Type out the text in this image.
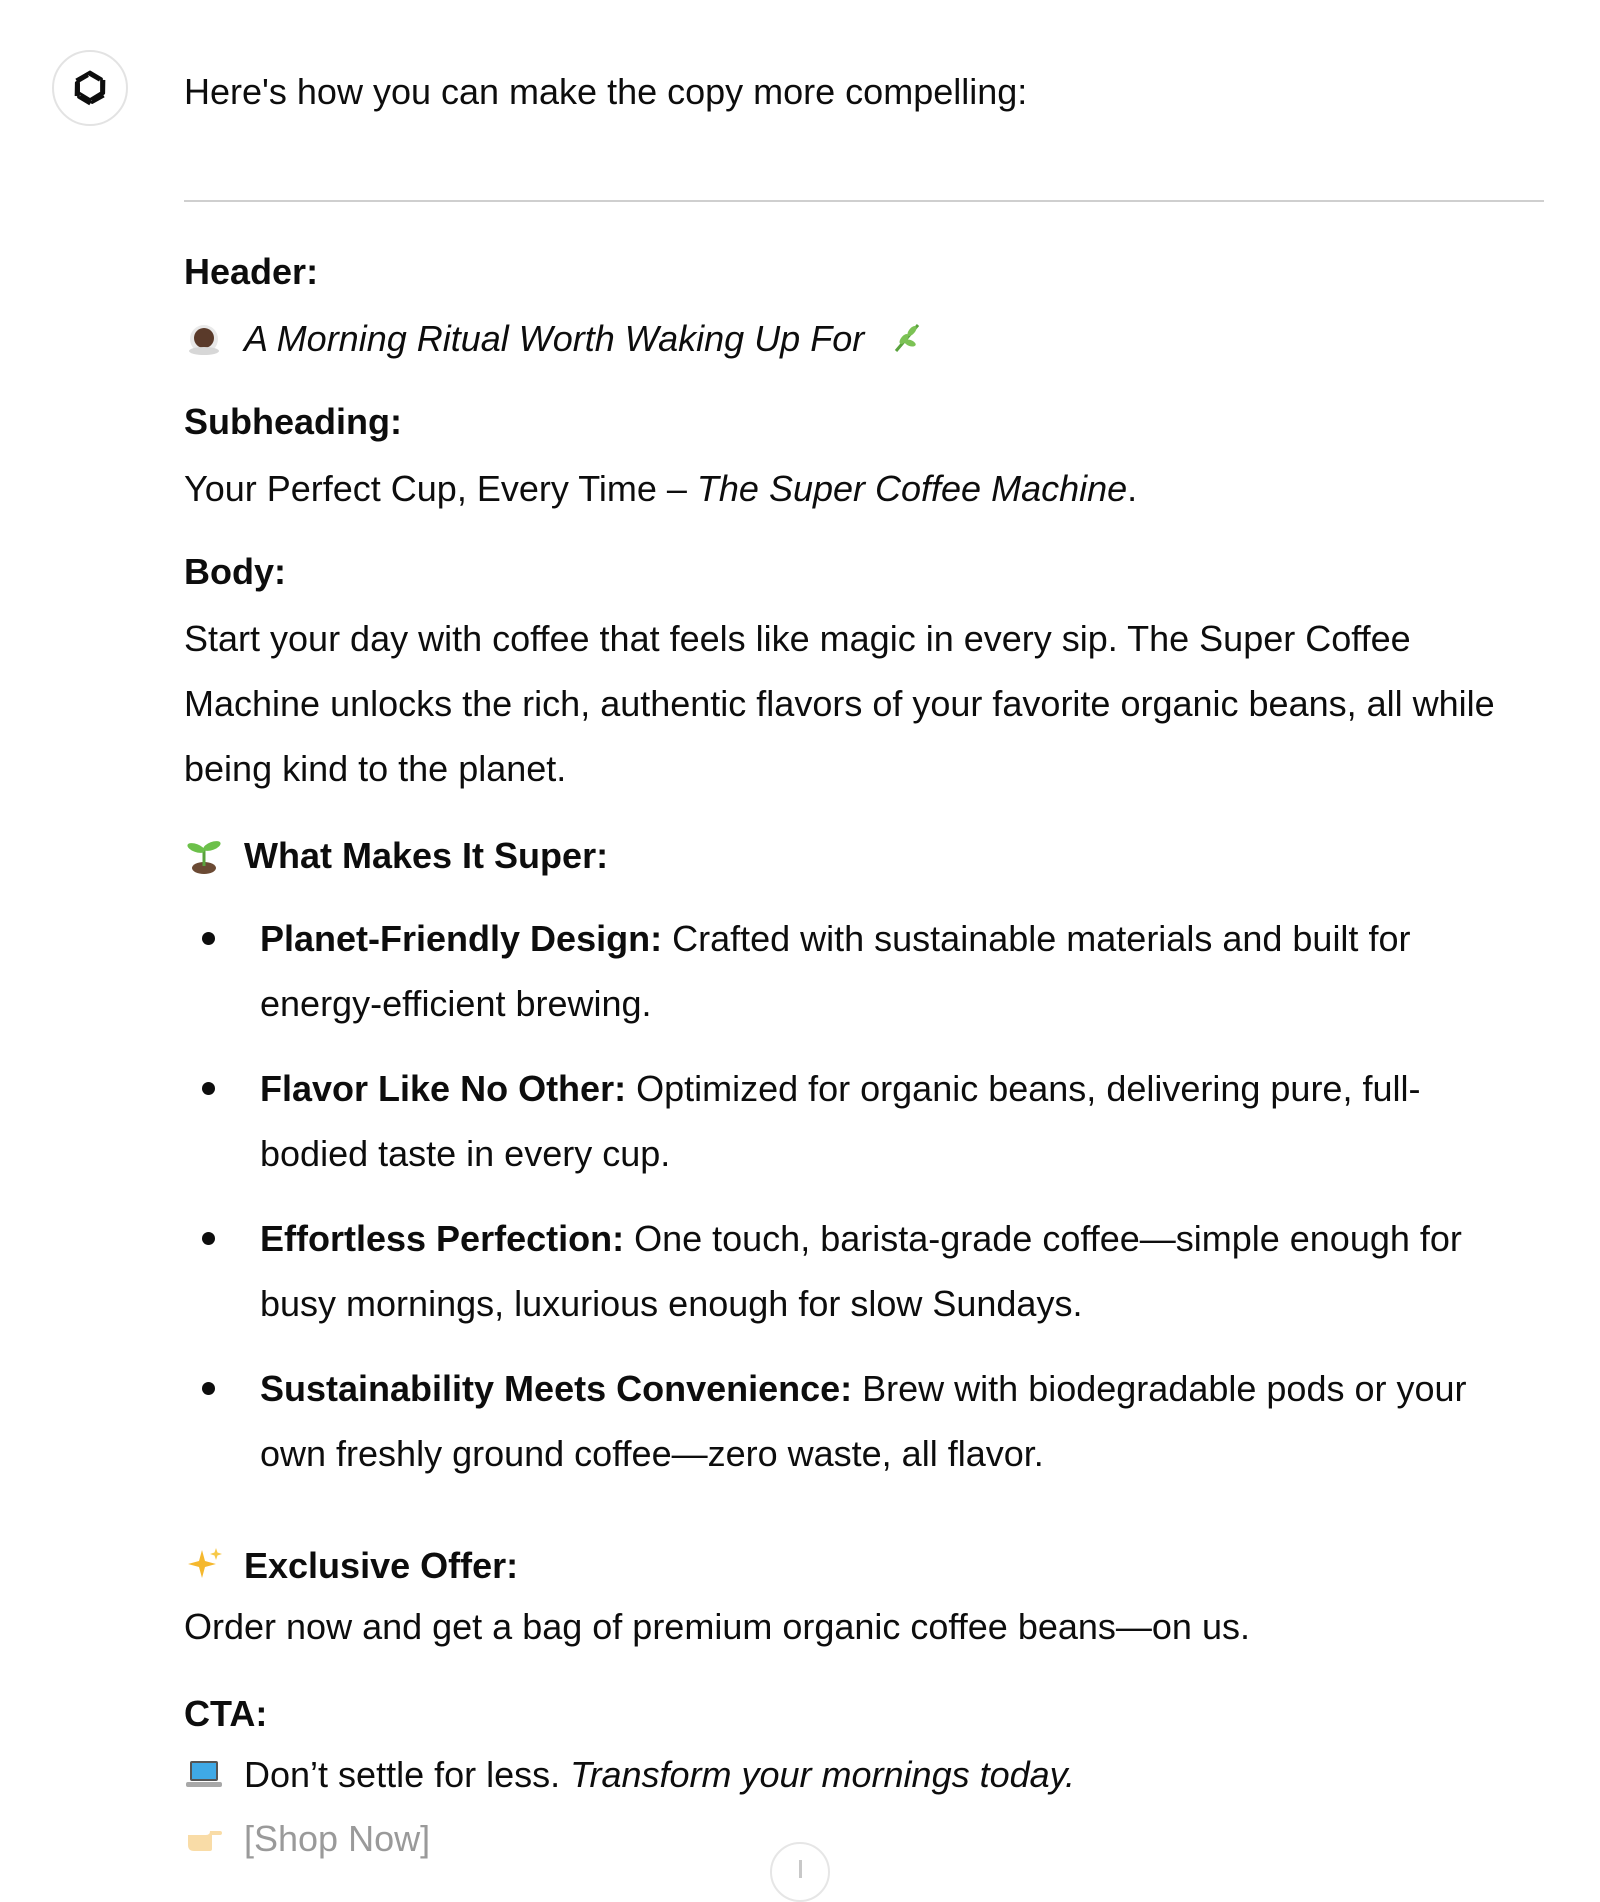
Here's how you can make the copy more compelling:

Header:

A Morning Ritual Worth Waking Up For

Subheading:

Your Perfect Cup, Every Time – The Super Coffee Machine.

Body:

Start your day with coffee that feels like magic in every sip. The Super Coffee Machine unlocks the rich, authentic flavors of your favorite organic beans, all while being kind to the planet.

What Makes It Super:

Planet-Friendly Design: Crafted with sustainable materials and built for energy-efficient brewing.
Flavor Like No Other: Optimized for organic beans, delivering pure, full-bodied taste in every cup.
Effortless Perfection: One touch, barista-grade coffee—simple enough for busy mornings, luxurious enough for slow Sundays.
Sustainability Meets Convenience: Brew with biodegradable pods or your own freshly ground coffee—zero waste, all flavor.

Exclusive Offer:

Order now and get a bag of premium organic coffee beans—on us.

CTA:

Don’t settle for less. Transform your mornings today.

[Shop Now]
